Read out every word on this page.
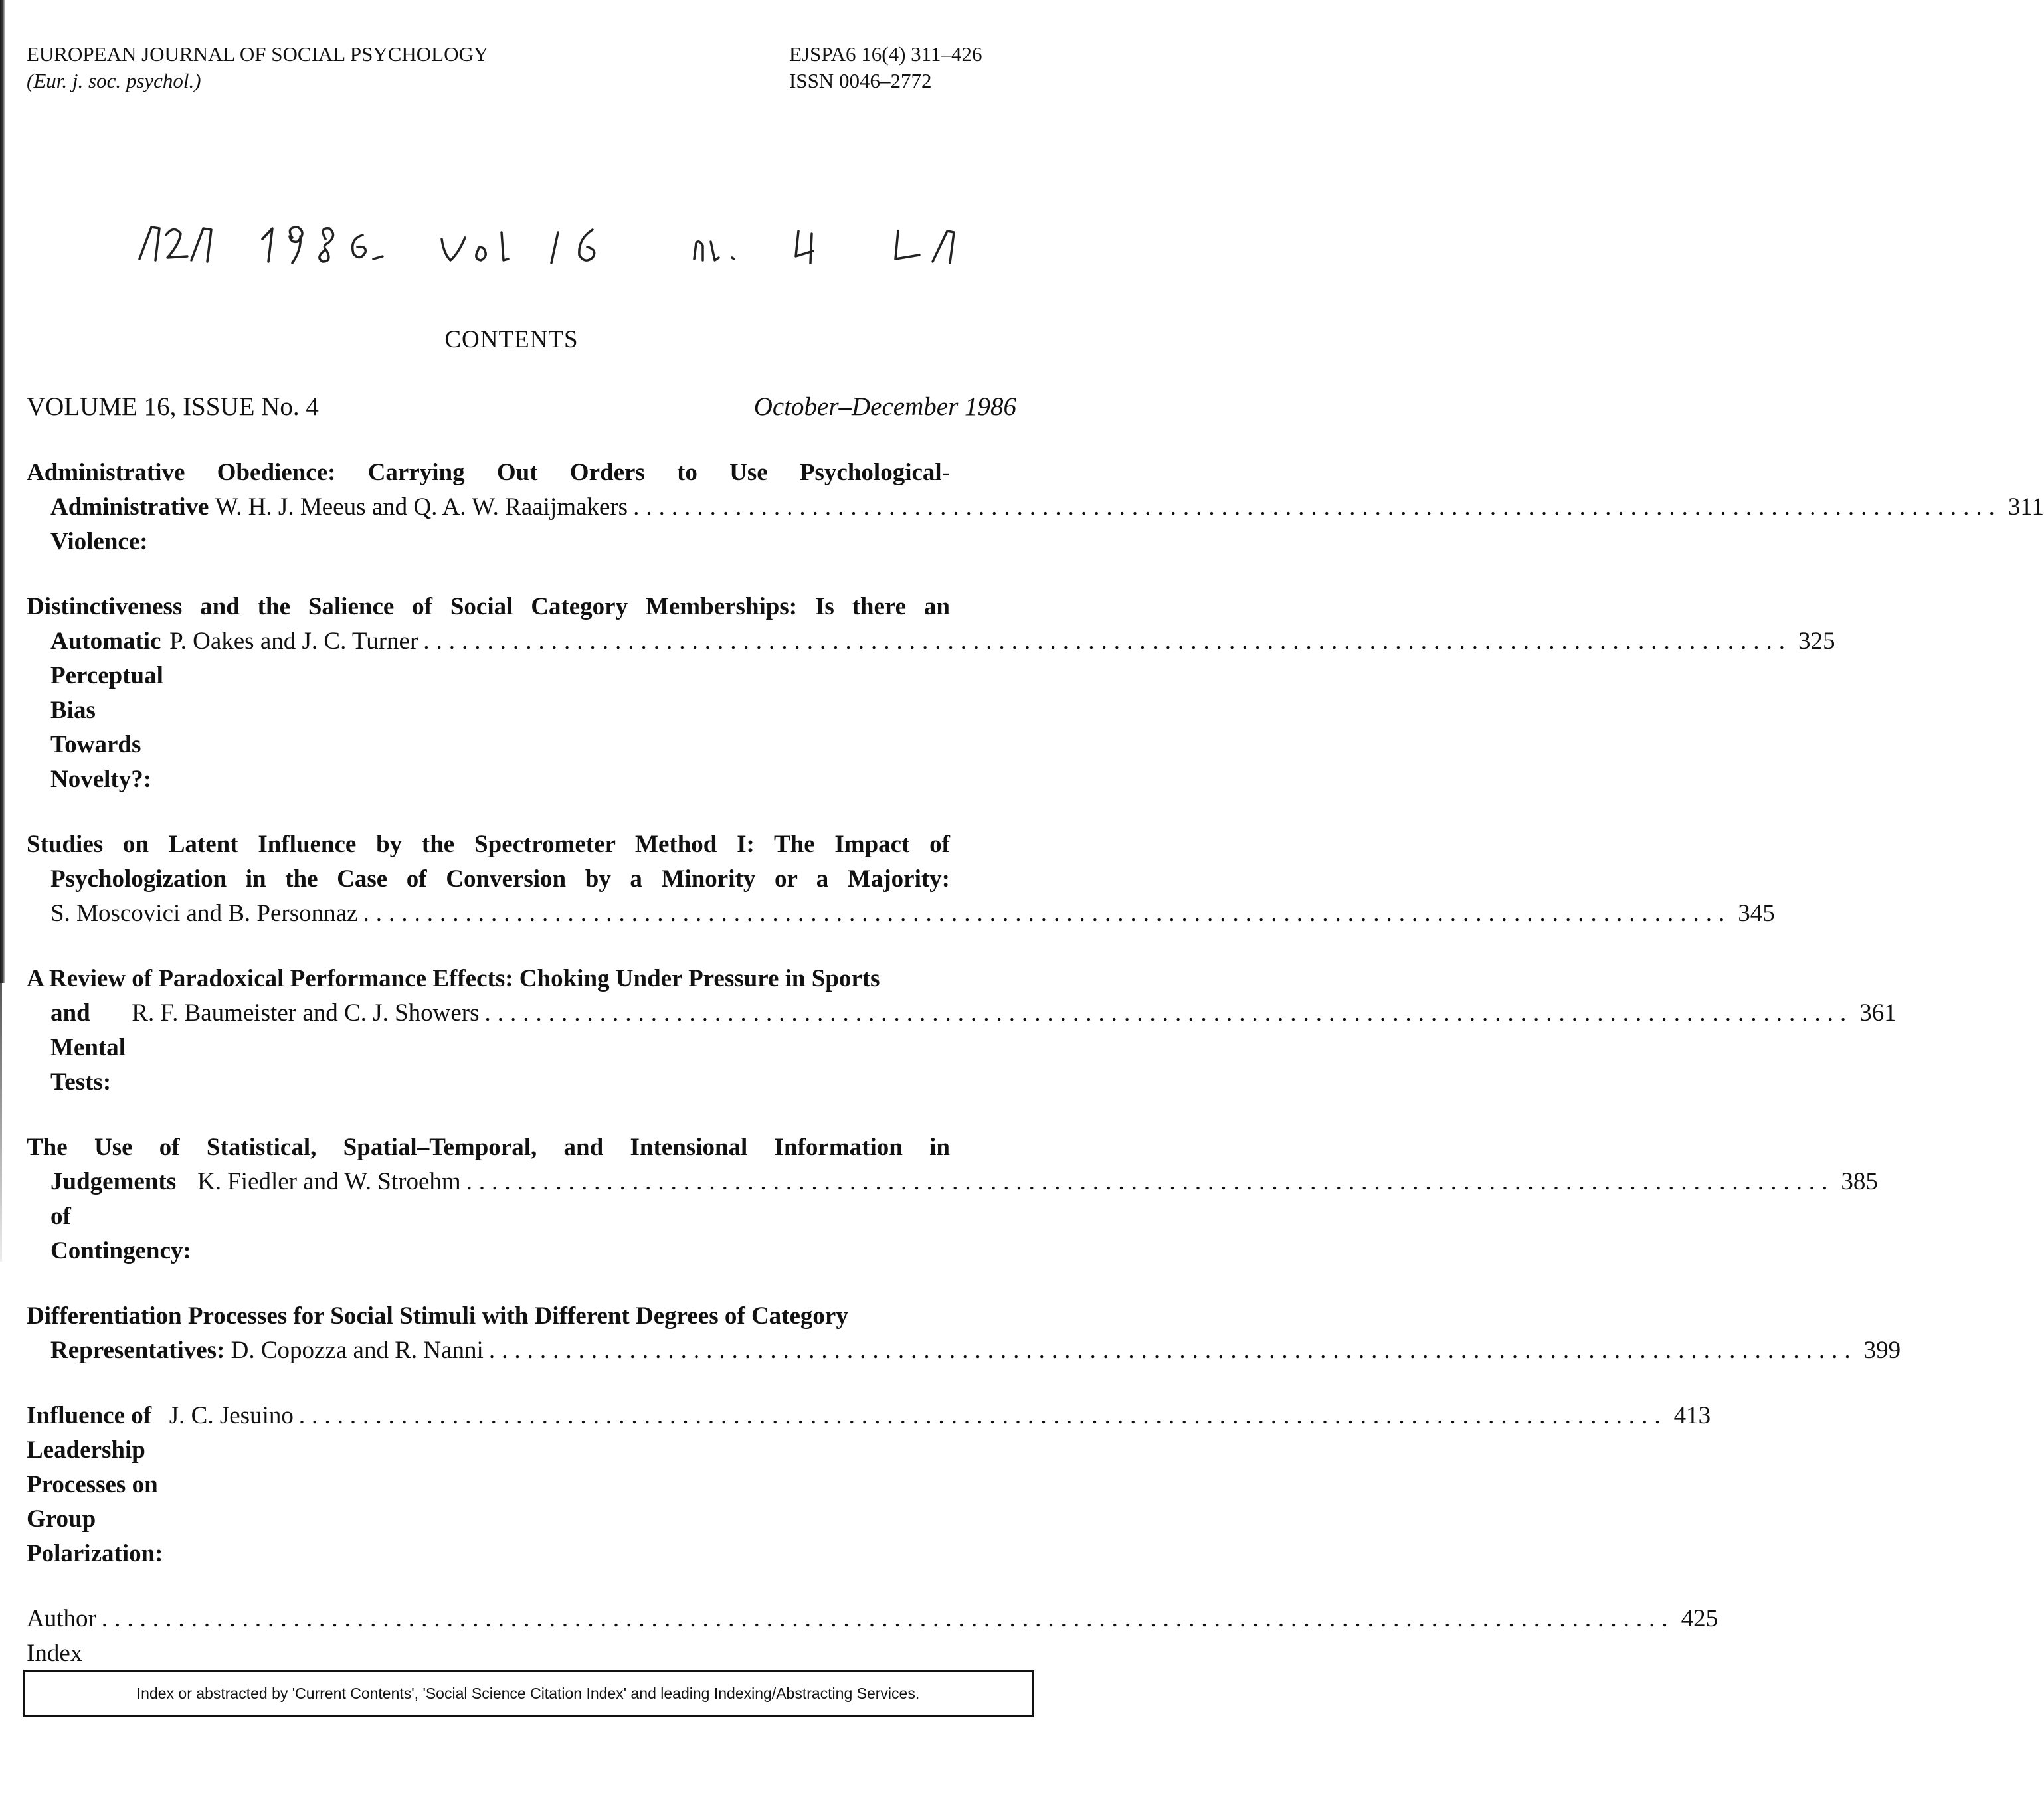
EUROPEAN JOURNAL OF SOCIAL PSYCHOLOGY
(Eur. j. soc. psychol.)
EJSPA6 16(4) 311–426
ISSN 0046–2772
CONTENTS
VOLUME 16, ISSUE No. 4	October–December 1986
Administrative Obedience: Carrying Out Orders to Use Psychological-
Administrative Violence:

W. H. J. Meeus and Q. A. W. Raaijmakers ........................................................................................................... 311
Distinctiveness and the Salience of Social Category Memberships: Is there an
Automatic Perceptual Bias Towards Novelty?:

P. Oakes and J. C. Turner ........................................................................................................... 325
Studies on Latent Influence by the Spectrometer Method I: The Impact of
Psychologization in the Case of Conversion by a Minority or a Majority:
S. Moscovici and B. Personnaz ........................................................................................................... 345
A Review of Paradoxical Performance Effects: Choking Under Pressure in Sports
and Mental Tests:

R. F. Baumeister and C. J. Showers ........................................................................................................... 361
The Use of Statistical, Spatial–Temporal, and Intensional Information in
Judgements of Contingency:

K. Fiedler and W. Stroehm ........................................................................................................... 385
Differentiation Processes for Social Stimuli with Different Degrees of Category
Representatives:
D. Copozza and R. Nanni ........................................................................................................... 399
Influence of Leadership Processes on Group Polarization:

J. C. Jesuino ........................................................................................................... 413
Author Index
........................................................................................................................... 425
Index or abstracted by 'Current Contents', 'Social Science Citation Index' and leading Indexing/Abstracting Services.
